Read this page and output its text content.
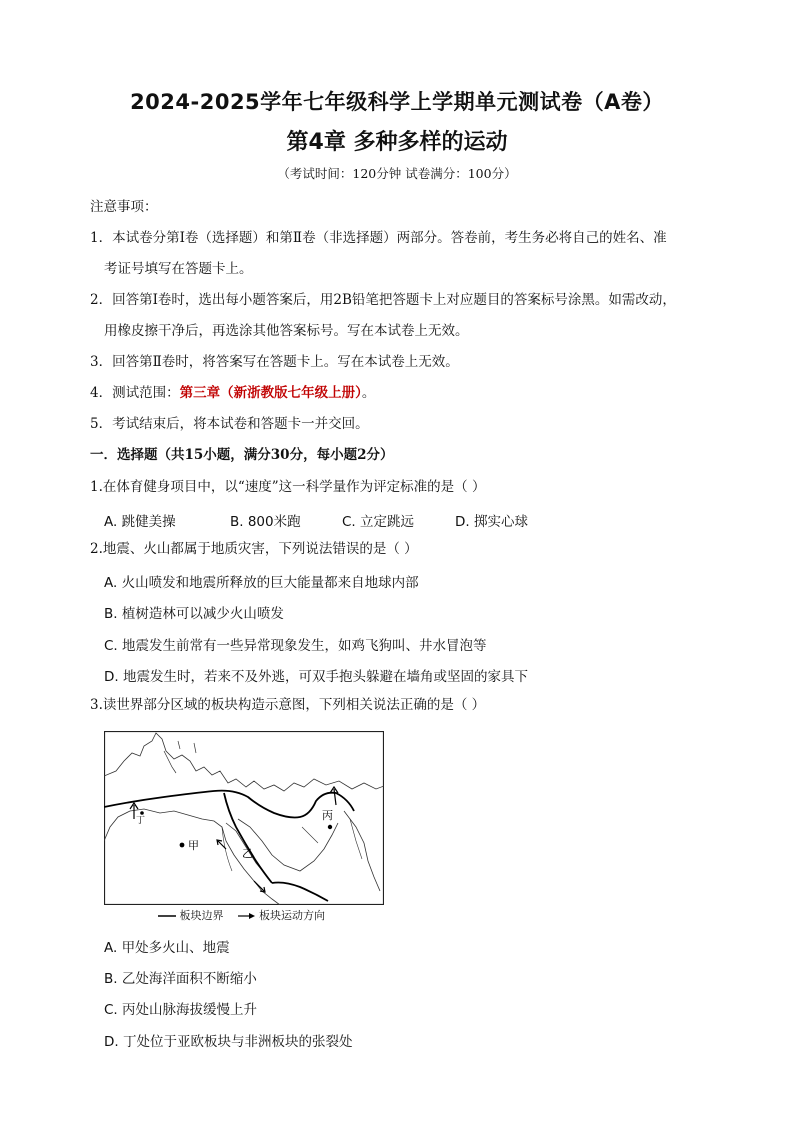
2024-2025学年七年级科学上学期单元测试卷（A卷）
第4章 多种多样的运动
（考试时间：120分钟 试卷满分：100分）
注意事项：
1．本试卷分第Ⅰ卷（选择题）和第Ⅱ卷（非选择题）两部分。答卷前，考生务必将自己的姓名、准
考证号填写在答题卡上。
2．回答第Ⅰ卷时，选出每小题答案后，用2B铅笔把答题卡上对应题目的答案标号涂黑。如需改动，
用橡皮擦干净后，再选涂其他答案标号。写在本试卷上无效。
3．回答第Ⅱ卷时，将答案写在答题卡上。写在本试卷上无效。
4．测试范围：第三章（新浙教版七年级上册）。
5．考试结束后，将本试卷和答题卡一并交回。
一．选择题（共15小题，满分30分，每小题2分）
1.在体育健身项目中，以“速度”这一科学量作为评定标准的是（ ）
A. 跳健美操	B. 800米跑	C. 立定跳远	D. 掷实心球
2.地震、火山都属于地质灾害，下列说法错误的是（ ）
A. 火山喷发和地震所释放的巨大能量都来自地球内部
B. 植树造林可以减少火山喷发
C. 地震发生前常有一些异常现象发生，如鸡飞狗叫、井水冒泡等
D. 地震发生时，若来不及外逃，可双手抱头躲避在墙角或坚固的家具下
3.读世界部分区域的板块构造示意图，下列相关说法正确的是（ ）
甲
乙
丙
丁
板块边界	板块运动方向
A. 甲处多火山、地震
B. 乙处海洋面积不断缩小
C. 丙处山脉海拔缓慢上升
D. 丁处位于亚欧板块与非洲板块的张裂处
